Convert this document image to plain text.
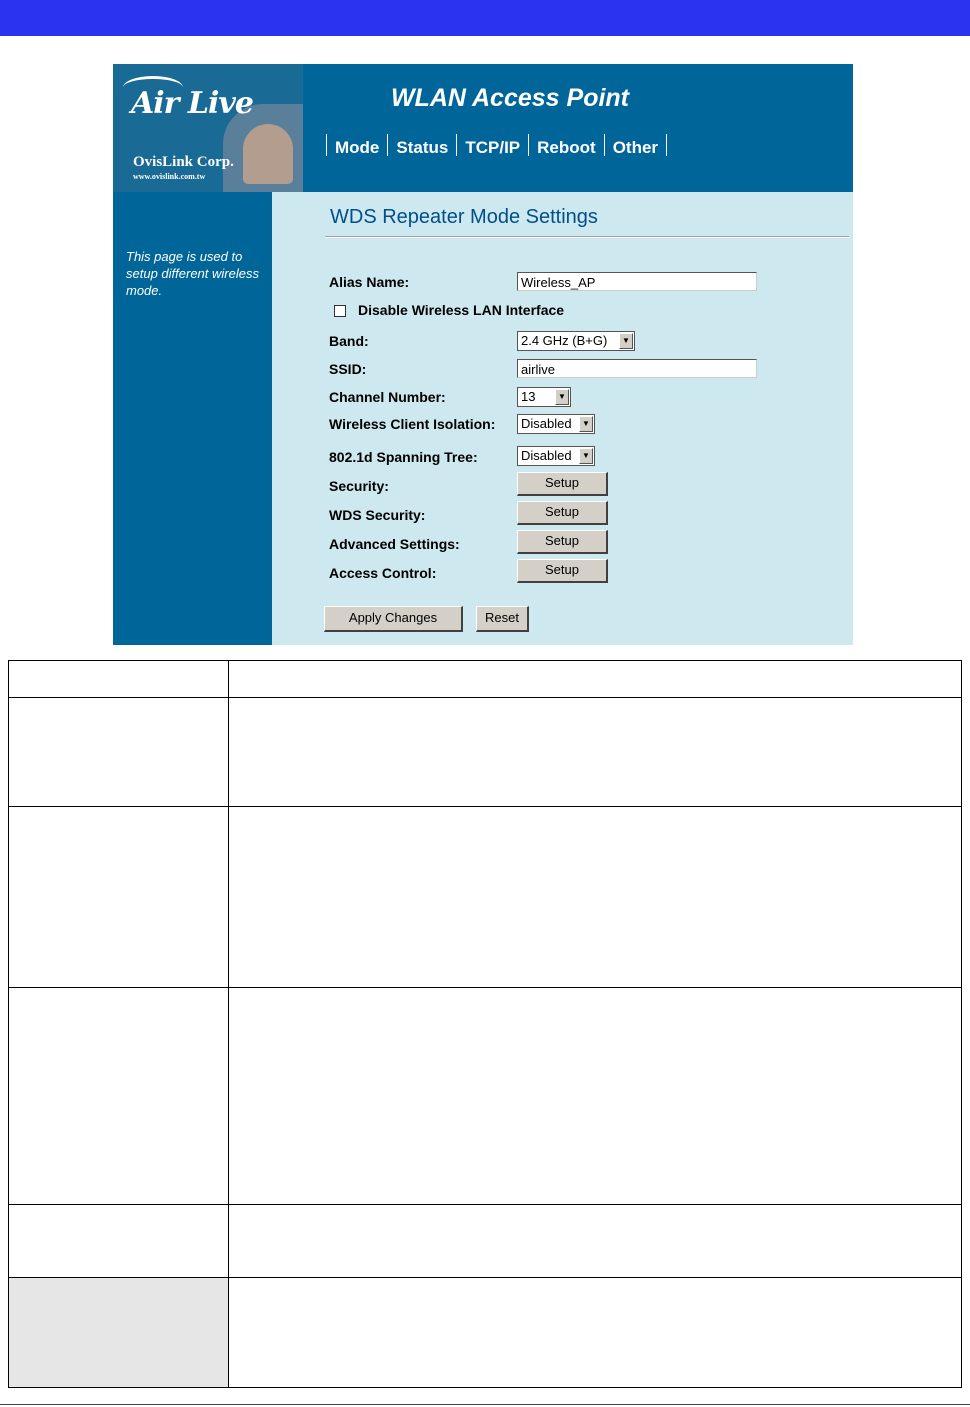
Air Live
OvisLink Corp.
www.ovislink.com.tw
WLAN Access Point
Mode	Status	TCP/IP	Reboot	Other
This page is used to setup different wireless mode.
WDS Repeater Mode Settings
Alias Name:	Wireless_AP
Disable Wireless LAN Interface
Band:	2.4 GHz (B+G)	▼
SSID:	airlive
Channel Number:	13	▼
Wireless Client Isolation:	Disabled	▼
802.1d Spanning Tree:	Disabled	▼
Security:	Setup
WDS Security:	Setup
Advanced Settings:	Setup
Access Control:	Setup
Apply Changes	Reset
